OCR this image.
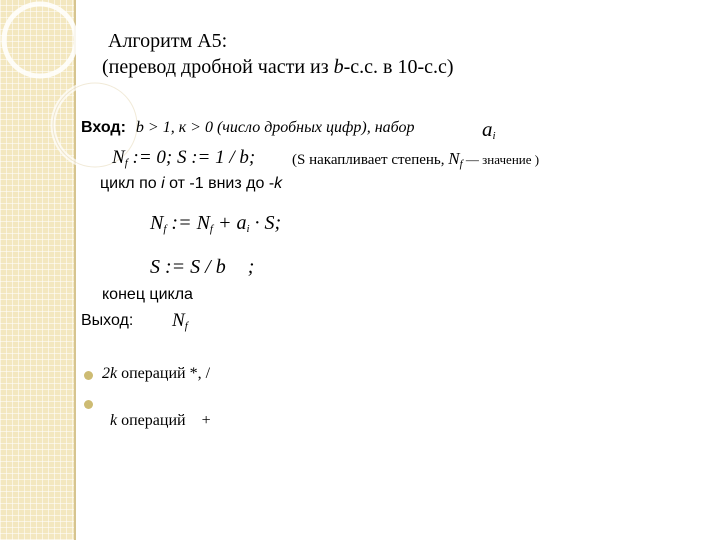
Алгоритм А5:
(перевод дробной части из b-с.с. в 10-с.с)
Вход: b > 1, к > 0 (число дробных цифр), набор	$a_i$
$N_f$ := 0; S := 1 / b; (S накапливает степень, $N_f$ — значение )
цикл по i от -1 вниз до -k
$N_f$ := $N_f + a_i \cdot S$;
S := S / b ;
конец цикла
Выход: $N_f$
2k операций *, /

k операций    +
